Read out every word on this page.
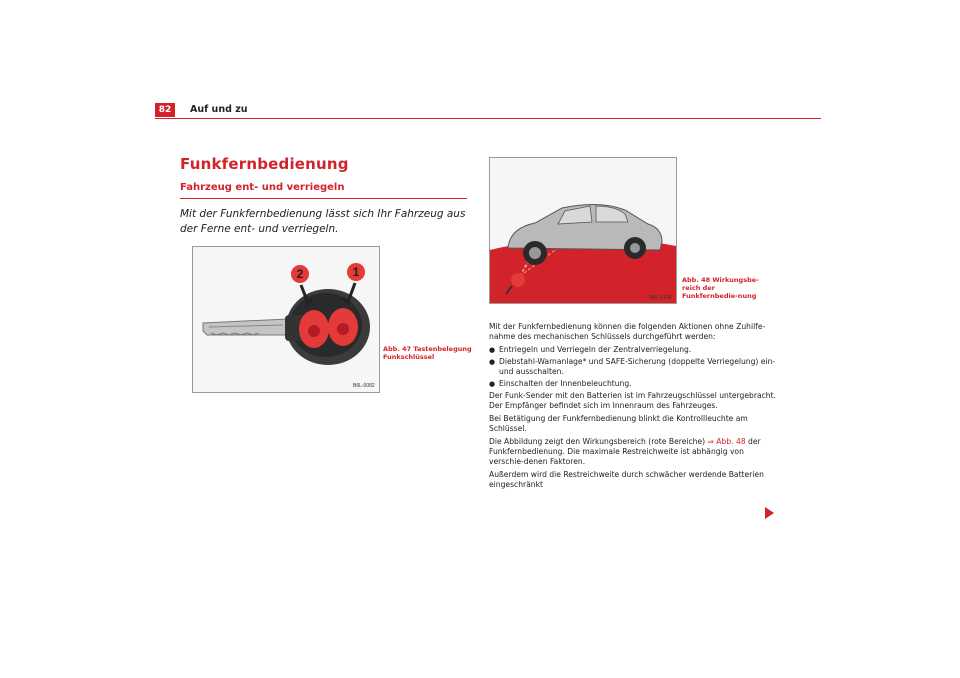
82	Auf und zu
Funkfernbedienung
Fahrzeug ent- und verriegeln
Mit der Funkfernbedienung lässt sich Ihr Fahrzeug aus der Ferne ent- und verriegeln.
2	1
B6L-0082
Abb. 47 Tastenbelegung Funkschlüssel
B6L-0106
Abb. 48 Wirkungsbe-reich der Funkfernbedie-nung

Mit der Funkfernbedienung können die folgenden Aktionen ohne Zuhilfe-nahme des mechanischen Schlüssels durchgeführt werden:

● Entriegeln und Verriegeln der Zentralverriegelung.
● Diebstahl-Warnanlage* und SAFE-Sicherung (doppelte Verriegelung) ein- und ausschalten.
● Einschalten der Innenbeleuchtung.

Der Funk-Sender mit den Batterien ist im Fahrzeugschlüssel untergebracht. Der Empfänger befindet sich im Innenraum des Fahrzeuges.

Bei Betätigung der Funkfernbedienung blinkt die Kontrollleuchte am Schlüssel.

Die Abbildung zeigt den Wirkungsbereich (rote Bereiche) ⇒ Abb. 48 der Funkfernbedienung. Die maximale Restreichweite ist abhängig von verschie-denen Faktoren.

Außerdem wird die Restreichweite durch schwächer werdende Batterien eingeschränkt
